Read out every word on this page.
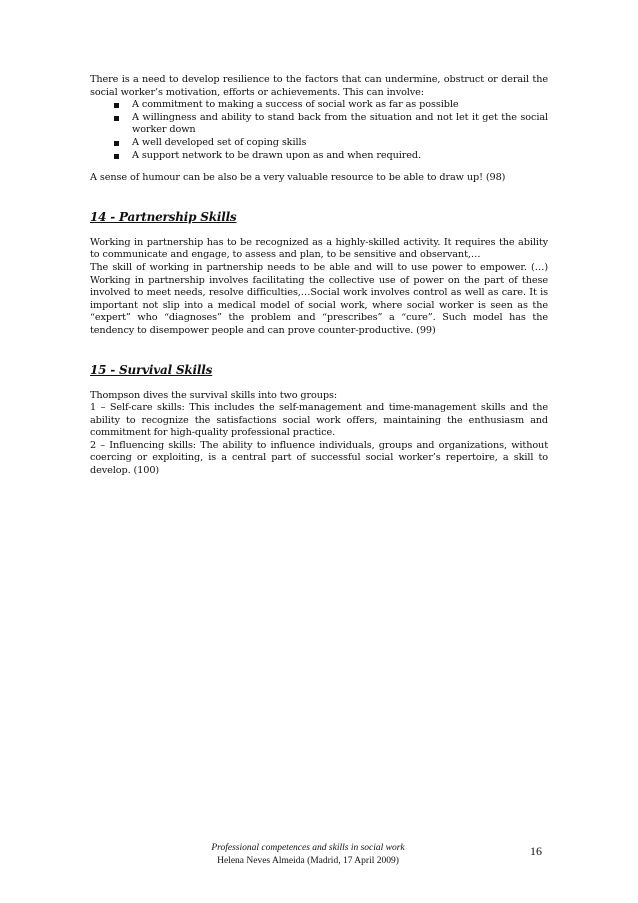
There is a need to develop resilience to the factors that can undermine, obstruct or derail the social worker’s motivation, efforts or achievements. This can involve:

A commitment to making a success of social work as far as possible
A willingness and ability to stand back from the situation and not let it get the social worker down
A well developed set of coping skills
A support network to be drawn upon as and when required.

A sense of humour can be also be a very valuable resource to be able to draw up! (98)

14 - Partnership Skills

Working in partnership has to be recognized as a highly-skilled activity. It requires the ability to communicate and engage, to assess and plan, to be sensitive and observant,…

The skill of working in partnership needs to be able and will to use power to empower. (…) Working in partnership involves facilitating the collective use of power on the part of these involved to meet needs, resolve difficulties,…Social work involves control as well as care. It is important not slip into a medical model of social work, where social worker is seen as the “expert” who “diagnoses” the problem and “prescribes” a “cure”. Such model has the tendency to disempower people and can prove counter-productive. (99)

15 - Survival Skills

Thompson dives the survival skills into two groups:

1 – Self-care skills: This includes the self-management and time-management skills and the ability to recognize the satisfactions social work offers, maintaining the enthusiasm and commitment for high-quality professional practice.

2 – Influencing skills: The ability to influence individuals, groups and organizations, without coercing or exploiting, is a central part of successful social worker’s repertoire, a skill to develop. (100)

Professional competences and skills in social work
Helena Neves Almeida (Madrid, 17 April 2009)
16
